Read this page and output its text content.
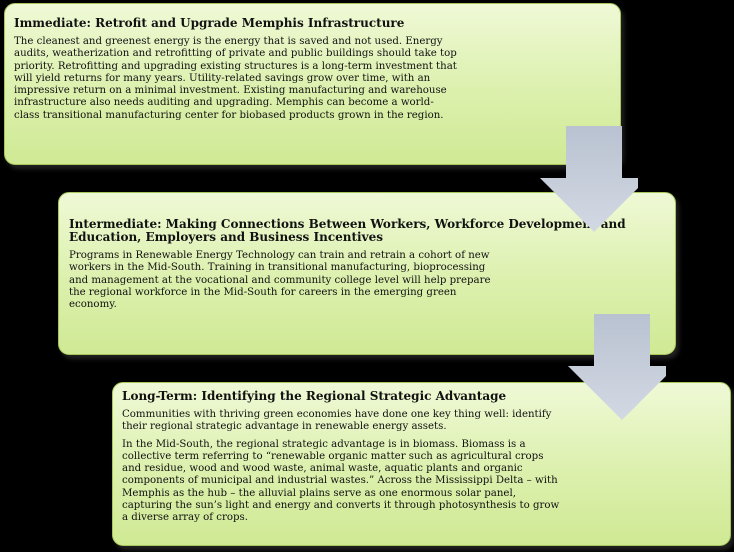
Immediate: Retrofit and Upgrade Memphis Infrastructure

The cleanest and greenest energy is the energy that is saved and not used. Energy audits, weatherization and retrofitting of private and public buildings should take top priority. Retrofitting and upgrading existing structures is a long-term investment that will yield returns for many years. Utility-related savings grow over time, with an impressive return on a minimal investment. Existing manufacturing and warehouse infrastructure also needs auditing and upgrading. Memphis can become a world-class transitional manufacturing center for biobased products grown in the region.

Intermediate: Making Connections Between Workers, Workforce Development and Education, Employers and Business Incentives

Programs in Renewable Energy Technology can train and retrain a cohort of new workers in the Mid-South. Training in transitional manufacturing, bioprocessing and management at the vocational and community college level will help prepare the regional workforce in the Mid-South for careers in the emerging green economy.

Long-Term: Identifying the Regional Strategic Advantage

Communities with thriving green economies have done one key thing well: identify their regional strategic advantage in renewable energy assets.

In the Mid-South, the regional strategic advantage is in biomass. Biomass is a collective term referring to “renewable organic matter such as agricultural crops and residue, wood and wood waste, animal waste, aquatic plants and organic components of municipal and industrial wastes.” Across the Mississippi Delta – with Memphis as the hub – the alluvial plains serve as one enormous solar panel, capturing the sun’s light and energy and converts it through photosynthesis to grow a diverse array of crops.
